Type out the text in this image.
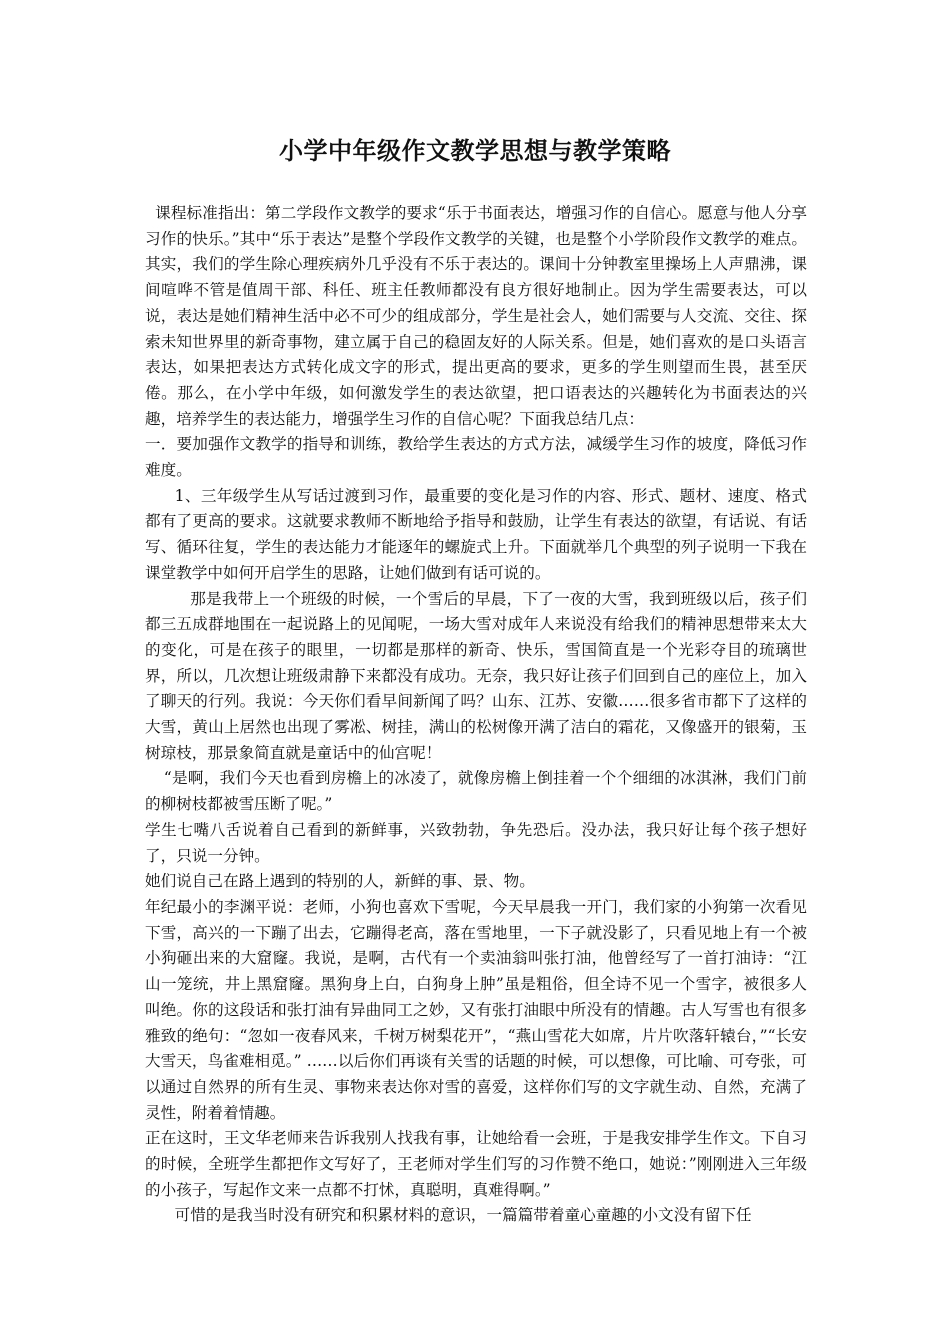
小学中年级作文教学思想与教学策略

课程标准指出：第二学段作文教学的要求“乐于书面表达，增强习作的自信心。愿意与他人分享习作的快乐。”其中“乐于表达”是整个学段作文教学的关键，也是整个小学阶段作文教学的难点。其实，我们的学生除心理疾病外几乎没有不乐于表达的。课间十分钟教室里操场上人声鼎沸，课间喧哗不管是值周干部、科任、班主任教师都没有良方很好地制止。因为学生需要表达，可以说，表达是她们精神生活中必不可少的组成部分，学生是社会人，她们需要与人交流、交往、探索未知世界里的新奇事物，建立属于自己的稳固友好的人际关系。但是，她们喜欢的是口头语言表达，如果把表达方式转化成文字的形式，提出更高的要求，更多的学生则望而生畏，甚至厌倦。那么，在小学中年级，如何激发学生的表达欲望，把口语表达的兴趣转化为书面表达的兴趣，培养学生的表达能力，增强学生习作的自信心呢？下面我总结几点：

一．要加强作文教学的指导和训练，教给学生表达的方式方法，减缓学生习作的坡度，降低习作难度。

1、三年级学生从写话过渡到习作，最重要的变化是习作的内容、形式、题材、速度、格式都有了更高的要求。这就要求教师不断地给予指导和鼓励，让学生有表达的欲望，有话说、有话写、循环往复，学生的表达能力才能逐年的螺旋式上升。下面就举几个典型的列子说明一下我在课堂教学中如何开启学生的思路，让她们做到有话可说的。

那是我带上一个班级的时候，一个雪后的早晨，下了一夜的大雪，我到班级以后，孩子们都三五成群地围在一起说路上的见闻呢，一场大雪对成年人来说没有给我们的精神思想带来太大的变化，可是在孩子的眼里，一切都是那样的新奇、快乐，雪国简直是一个光彩夺目的琉璃世界，所以，几次想让班级肃静下来都没有成功。无奈，我只好让孩子们回到自己的座位上，加入了聊天的行列。我说：今天你们看早间新闻了吗？山东、江苏、安徽……很多省市都下了这样的大雪，黄山上居然也出现了雾凇、树挂，满山的松树像开满了洁白的霜花，又像盛开的银菊，玉树琼枝，那景象简直就是童话中的仙宫呢！

“是啊，我们今天也看到房檐上的冰凌了，就像房檐上倒挂着一个个细细的冰淇淋，我们门前的柳树枝都被雪压断了呢。”

学生七嘴八舌说着自己看到的新鲜事，兴致勃勃，争先恐后。没办法，我只好让每个孩子想好了，只说一分钟。

她们说自己在路上遇到的特别的人，新鲜的事、景、物。

年纪最小的李渊平说：老师，小狗也喜欢下雪呢，今天早晨我一开门，我们家的小狗第一次看见下雪，高兴的一下蹦了出去，它蹦得老高，落在雪地里，一下子就没影了，只看见地上有一个被小狗砸出来的大窟窿。我说，是啊，古代有一个卖油翁叫张打油，他曾经写了一首打油诗：“江山一笼统，井上黑窟窿。黑狗身上白，白狗身上肿”虽是粗俗，但全诗不见一个雪字，被很多人叫绝。你的这段话和张打油有异曲同工之妙，又有张打油眼中所没有的情趣。古人写雪也有很多雅致的绝句：“忽如一夜春风来，千树万树梨花开”，“燕山雪花大如席，片片吹落轩辕台，”“长安大雪天，鸟雀难相觅。” ……以后你们再谈有关雪的话题的时候，可以想像，可比喻、可夸张，可以通过自然界的所有生灵、事物来表达你对雪的喜爱，这样你们写的文字就生动、自然，充满了灵性，附着着情趣。

正在这时，王文华老师来告诉我别人找我有事，让她给看一会班，于是我安排学生作文。下自习的时候，全班学生都把作文写好了，王老师对学生们写的习作赞不绝口，她说：”刚刚进入三年级的小孩子，写起作文来一点都不打怵，真聪明，真难得啊。”

可惜的是我当时没有研究和积累材料的意识，一篇篇带着童心童趣的小文没有留下任
